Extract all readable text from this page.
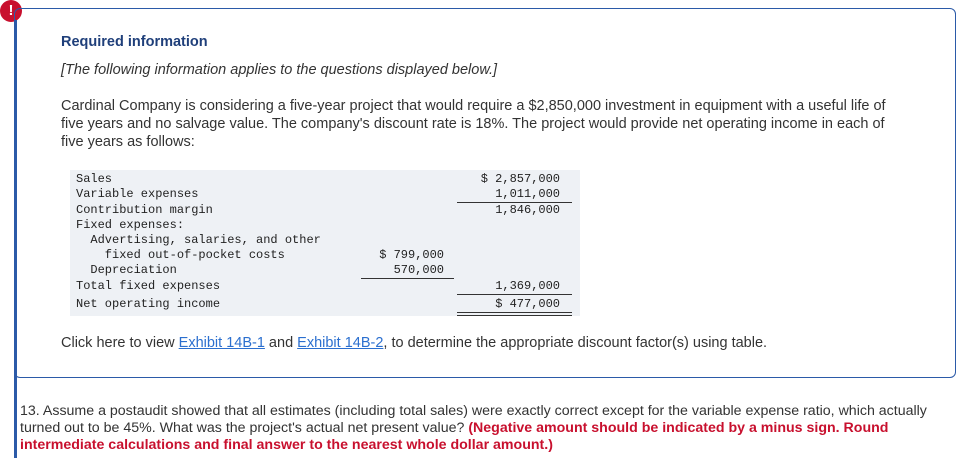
!
Required information
[The following information applies to the questions displayed below.]
Cardinal Company is considering a five-year project that would require a $2,850,000 investment in equipment with a useful life of five years and no salvage value. The company's discount rate is 18%. The project would provide net operating income in each of five years as follows:
Sales	$ 2,857,000
Variable expenses	1,011,000
Contribution margin	1,846,000
Fixed expenses:
Advertising, salaries, and other
fixed out-of-pocket costs	$ 799,000
Depreciation	570,000
Total fixed expenses	1,369,000
Net operating income	$ 477,000
Click here to view Exhibit 14B-1 and Exhibit 14B-2, to determine the appropriate discount factor(s) using table.
13. Assume a postaudit showed that all estimates (including total sales) were exactly correct except for the variable expense ratio, which actually turned out to be 45%. What was the project's actual net present value? (Negative amount should be indicated by a minus sign. Round intermediate calculations and final answer to the nearest whole dollar amount.)
